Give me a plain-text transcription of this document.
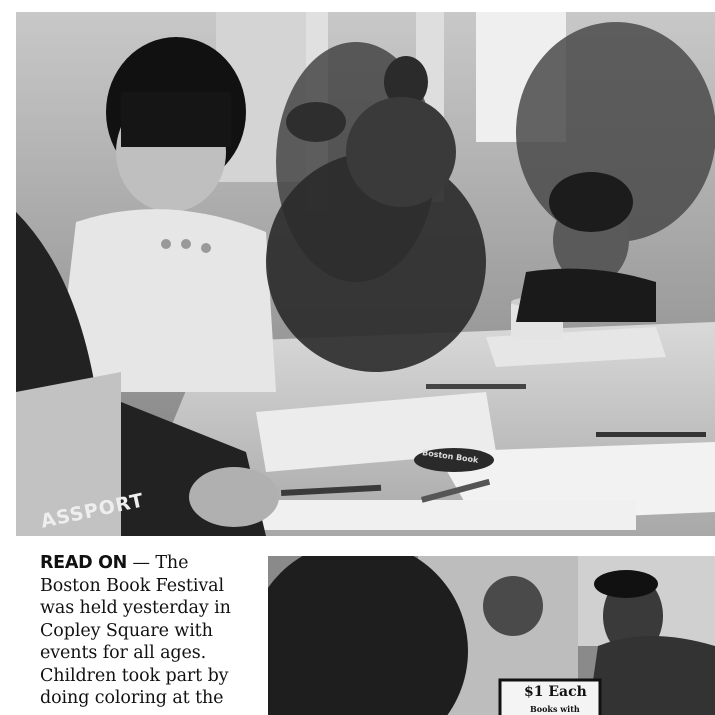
ASSPORT
Boston Book
READ ON — The
Boston Book Festival
was held yesterday in
Copley Square with
events for all ages.
Children took part by
doing coloring at the	$1 Each
Books with
